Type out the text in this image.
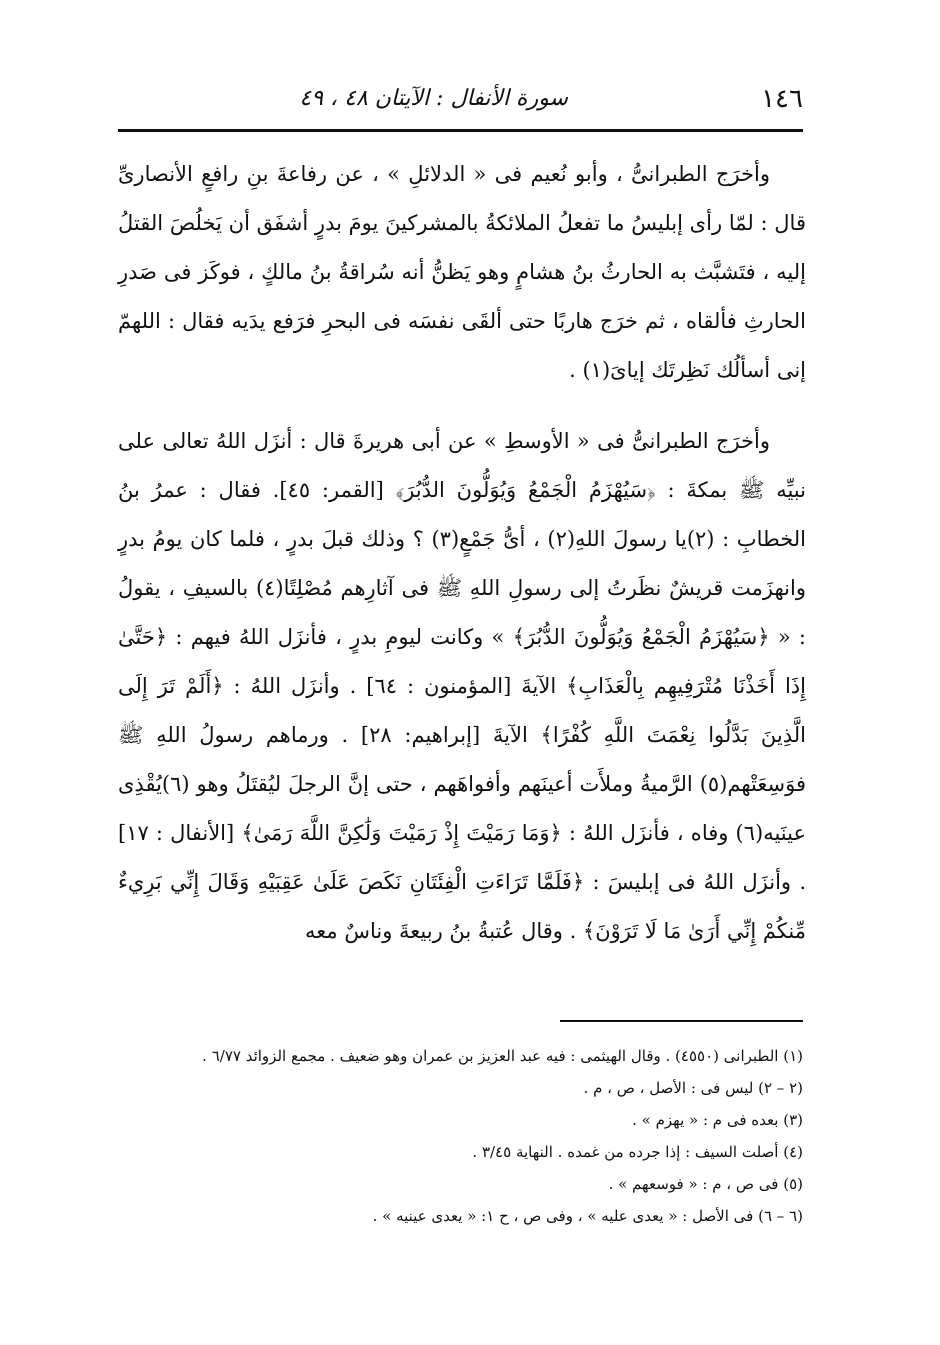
١٤٦
سورة الأنفال : الآيتان ٤٨ ، ٤٩

وأخرَج الطبرانىُّ ، وأبو نُعيم فى « الدلائلِ » ، عن رفاعةَ بنِ رافعٍ الأنصارىِّ قال : لمّا رأى إبليسُ ما تفعلُ الملائكةُ بالمشركينَ يومَ بدرٍ أشفَق أن يَخلُصَ القتلُ إليه ، فتَشبَّث به الحارثُ بنُ هشامٍ وهو يَظنُّ أنه سُراقةُ بنُ مالكٍ ، فوكَز فى صَدرِ الحارثِ فألقاه ، ثم خرَج هاربًا حتى ألقَى نفسَه فى البحرِ فرَفع يدَيه فقال : اللهمّ إنى أسألُك نَظِرتَك إياىَ(١) .

وأخرَج الطبرانىُّ فى « الأوسطِ » عن أبى هريرةَ قال : أنزَل اللهُ تعالى على نبيِّه ﷺ بمكةَ : ﴿سَيُهْزَمُ الْجَمْعُ وَيُوَلُّونَ الدُّبُرَ﴾ [القمر: ٤٥]. فقال : عمرُ بنُ الخطابِ : (٢)يا رسولَ اللهِ(٢) ، أىُّ جَمْعٍ(٣) ؟ وذلك قبلَ بدرٍ ، فلما كان يومُ بدرٍ وانهزَمت قريشٌ نظَرتُ إلى رسولِ اللهِ ﷺ فى آثارِهم مُصْلِتًا(٤) بالسيفِ ، يقولُ : « ﴿سَيُهْزَمُ الْجَمْعُ وَيُوَلُّونَ الدُّبُرَ﴾ » وكانت ليومِ بدرٍ ، فأنزَل اللهُ فيهم : ﴿حَتَّىٰ إِذَا أَخَذْنَا مُتْرَفِيهِم بِالْعَذَابِ﴾ الآيةَ [المؤمنون : ٦٤] . وأنزَل اللهُ : ﴿أَلَمْ تَرَ إِلَى الَّذِينَ بَدَّلُوا نِعْمَتَ اللَّهِ كُفْرًا﴾ الآيةَ [إبراهيم: ٢٨] . ورماهم رسولُ اللهِ ﷺ فوَسِعَتْهم(٥) الرَّميةُ وملأَت أعينَهم وأفواهَهم ، حتى إنَّ الرجلَ ليُقتَلُ وهو (٦)يُقْذِى عينَيه(٦) وفاه ، فأنزَل اللهُ : ﴿وَمَا رَمَيْتَ إِذْ رَمَيْتَ وَلَٰكِنَّ اللَّهَ رَمَىٰ﴾ [الأنفال : ١٧] . وأنزَل اللهُ فى إبليسَ : ﴿فَلَمَّا تَرَاءَتِ الْفِئَتَانِ نَكَصَ عَلَىٰ عَقِبَيْهِ وَقَالَ إِنِّي بَرِيءٌ مِّنكُمْ إِنِّي أَرَىٰ مَا لَا تَرَوْنَ﴾ . وقال عُتبةُ بنُ ربيعةَ وناسٌ معه

(١) الطبرانى (٤٥٥٠) . وقال الهيثمى : فيه عبد العزيز بن عمران وهو ضعيف . مجمع الزوائد ٦/٧٧ .
(٢ – ٢) ليس فى : الأصل ، ص ، م .
(٣) بعده فى م : « يهزم » .
(٤) أصلت السيف : إذا جرده من غمده . النهاية ٣/٤٥ .
(٥) فى ص ، م : « فوسعهم » .
(٦ – ٦) فى الأصل : « يعدى عليه » ، وفى ص ، ح ١: « يعدى عينيه » .
